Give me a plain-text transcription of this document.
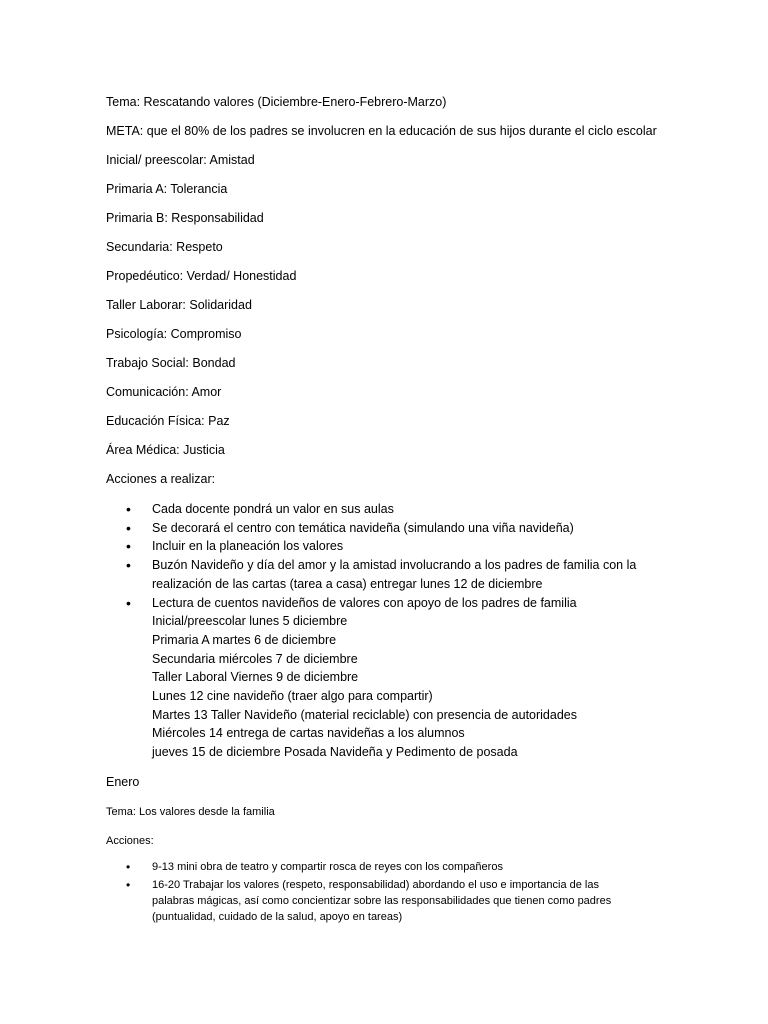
Tema: Rescatando valores (Diciembre-Enero-Febrero-Marzo)

META: que el 80% de los padres se involucren en la educación de sus hijos durante el ciclo escolar

Inicial/ preescolar: Amistad

Primaria A: Tolerancia

Primaria B: Responsabilidad

Secundaria: Respeto

Propedéutico: Verdad/ Honestidad

Taller Laborar: Solidaridad

Psicología: Compromiso

Trabajo Social: Bondad

Comunicación: Amor

Educación Física: Paz

Área Médica: Justicia

Acciones a realizar:

• Cada docente pondrá un valor en sus aulas
• Se decorará el centro con temática navideña (simulando una viña navideña)
• Incluir en la planeación los valores
• Buzón Navideño y día del amor y la amistad involucrando a los padres de familia con la
realización de las cartas (tarea a casa) entregar lunes 12 de diciembre
• Lectura de cuentos navideños de valores con apoyo de los padres de familia
Inicial/preescolar lunes 5 diciembre
Primaria A martes 6 de diciembre
Secundaria miércoles 7 de diciembre
Taller Laboral Viernes 9 de diciembre
Lunes 12 cine navideño (traer algo para compartir)
Martes 13 Taller Navideño (material reciclable) con presencia de autoridades
Miércoles 14 entrega de cartas navideñas a los alumnos
jueves 15 de diciembre Posada Navideña y Pedimento de posada

Enero

Tema: Los valores desde la familia

Acciones:

• 9-13 mini obra de teatro y compartir rosca de reyes con los compañeros
• 16-20 Trabajar los valores (respeto, responsabilidad) abordando el uso e importancia de las
palabras mágicas, así como concientizar sobre las responsabilidades que tienen como padres
(puntualidad, cuidado de la salud, apoyo en tareas)
